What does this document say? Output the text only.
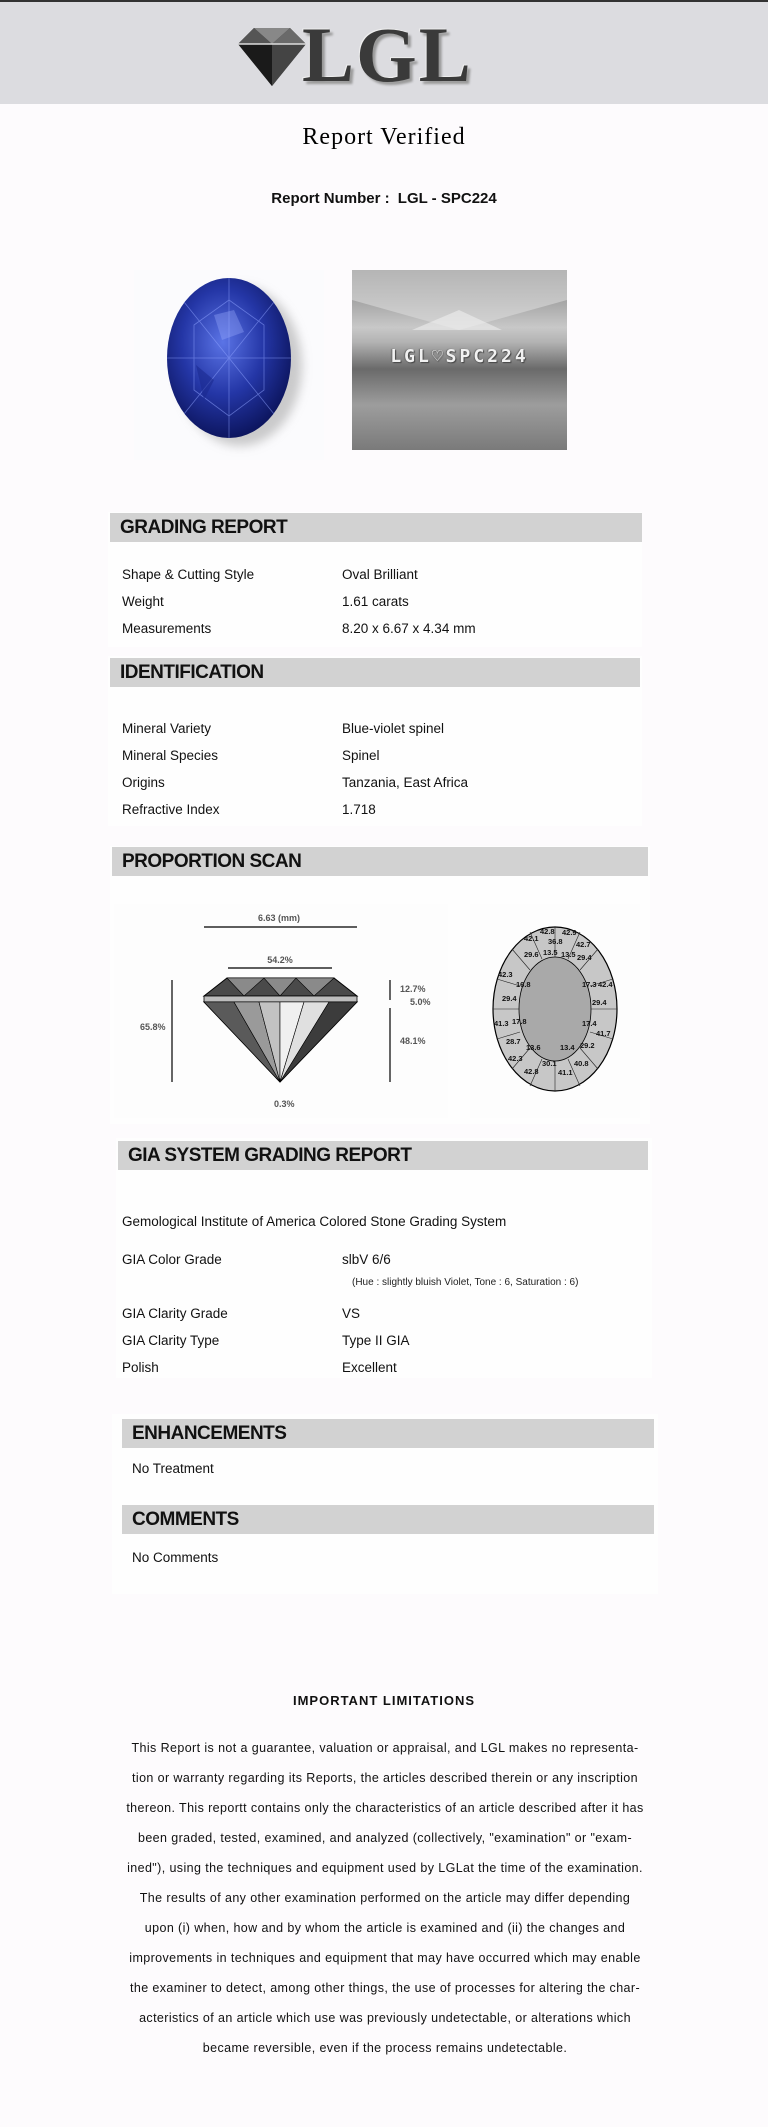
LGL
Report Verified
Report Number : LGL - SPC224
LGL♡SPC224
GRADING REPORT
Shape & Cutting Style	Oval Brilliant
Weight	1.61 carats
Measurements	8.20 x 6.67 x 4.34 mm
IDENTIFICATION
Mineral Variety	Blue-violet spinel
Mineral Species	Spinel
Origins	Tanzania, East Africa
Refractive Index	1.718
PROPORTION SCAN
6.63 (mm)
54.2%
65.8%
12.7%
5.0%
48.1%
0.3%
42.8 42.9
36.8
42.1
29.6 13.5 13.5 29.4
42.7
42.3
16.8	17.3 42.4
29.4	29.4
41.3 17.8	17.4
28.7
13.6	13.4 29.2
41.7
42.3
42.8
30.1 40.8
41.1
GIA SYSTEM GRADING REPORT
Gemological Institute of America Colored Stone Grading System
GIA Color Grade	slbV 6/6
(Hue : slightly bluish Violet, Tone : 6, Saturation : 6)
GIA Clarity Grade	VS
GIA Clarity Type	Type II GIA
Polish	Excellent
ENHANCEMENTS
No Treatment
COMMENTS
No Comments
IMPORTANT LIMITATIONS
This Report is not a guarantee, valuation or appraisal, and LGL makes no representa-
tion or warranty regarding its Reports, the articles described therein or any inscription
thereon. This reportt contains only the characteristics of an article described after it has
been graded, tested, examined, and analyzed (collectively, "examination" or "exam-
ined"), using the techniques and equipment used by LGLat the time of the examination.
The results of any other examination performed on the article may differ depending
upon (i) when, how and by whom the article is examined and (ii) the changes and
improvements in techniques and equipment that may have occurred which may enable
the examiner to detect, among other things, the use of processes for altering the char-
acteristics of an article which use was previously undetectable, or alterations which
became reversible, even if the process remains undetectable.
